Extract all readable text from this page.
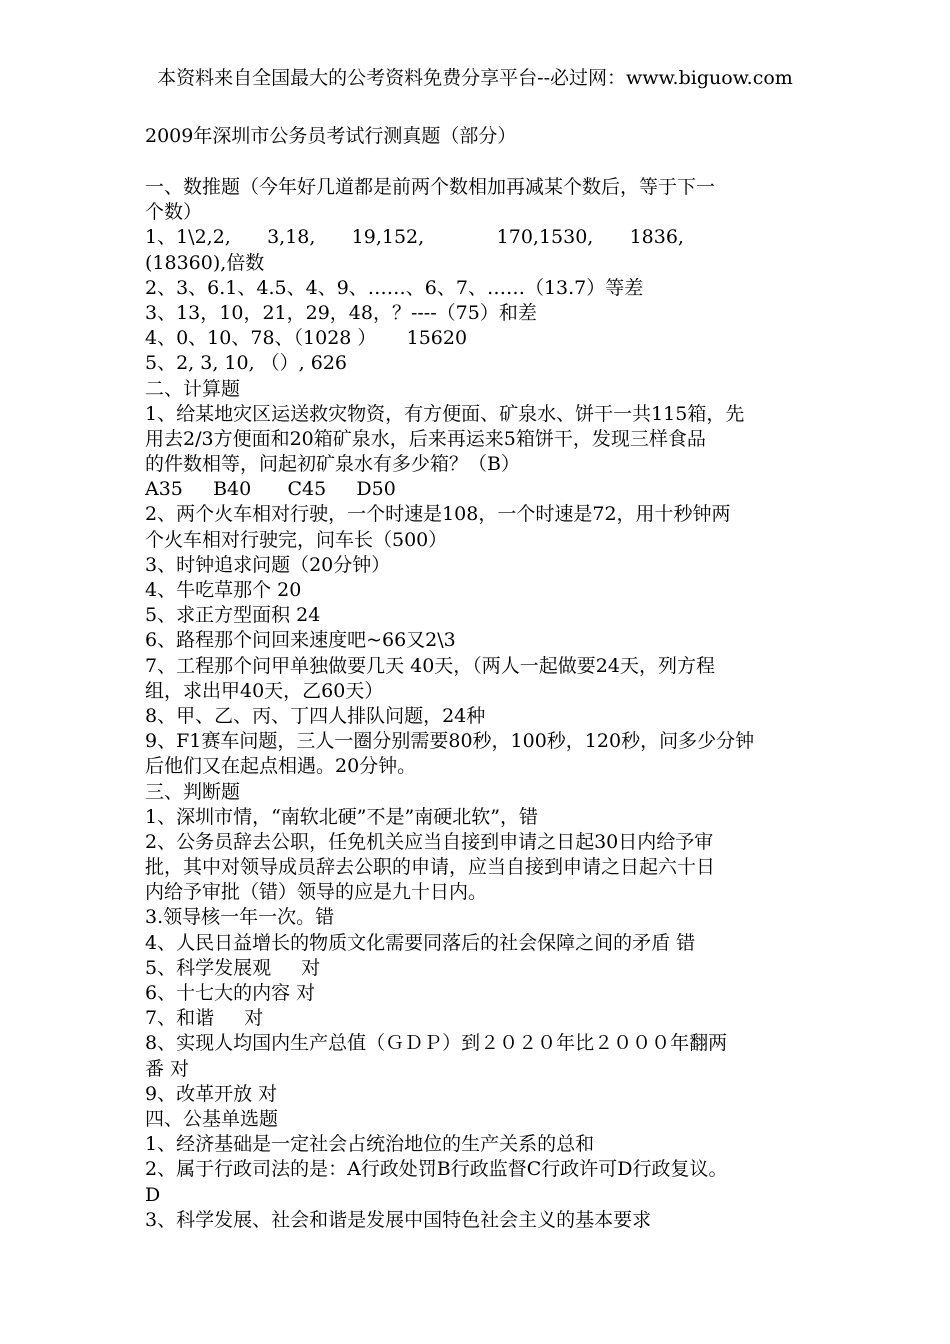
本资料来自全国最大的公考资料免费分享平台--必过网：www.biguow.com
2009年深圳市公务员考试行测真题（部分）
一、数推题（今年好几道都是前两个数相加再减某个数后，等于下一
个数）
1、1\2,2,      3,18,      19,152,            170,1530,      1836,
(18360),倍数
2、3、6.1、4.5、4、9、……、6、7、……（13.7）等差
3、13，10，21，29，48，？----（75）和差
4、0、10、78、（1028 ）     15620
5、2, 3, 10, （）, 626
二、计算题
1、给某地灾区运送救灾物资，有方便面、矿泉水、饼干一共115箱，先
用去2/3方便面和20箱矿泉水，后来再运来5箱饼干，发现三样食品
的件数相等，问起初矿泉水有多少箱？（B）
A35     B40      C45     D50
2、两个火车相对行驶，一个时速是108，一个时速是72，用十秒钟两
个火车相对行驶完，问车长（500）
3、时钟追求问题（20分钟）
4、牛吃草那个 20
5、求正方型面积 24
6、路程那个问回来速度吧~66又2\3
7、工程那个问甲单独做要几天 40天，（两人一起做要24天，列方程
组，求出甲40天，乙60天）
8、甲、乙、丙、丁四人排队问题，24种
9、F1赛车问题，三人一圈分别需要80秒，100秒，120秒，问多少分钟
后他们又在起点相遇。20分钟。
三、判断题
1、深圳市情，“南软北硬”不是”南硬北软”，错
2、公务员辞去公职，任免机关应当自接到申请之日起30日内给予审
批，其中对领导成员辞去公职的申请，应当自接到申请之日起六十日
内给予审批（错）领导的应是九十日内。
3.领导核一年一次。错
4、人民日益增长的物质文化需要同落后的社会保障之间的矛盾 错
5、科学发展观     对
6、十七大的内容 对
7、和谐     对
8、实现人均国内生产总值（ＧＤＰ）到２０２０年比２０００年翻两
番 对
9、改革开放 对
四、公基单选题
1、经济基础是一定社会占统治地位的生产关系的总和
2、属于行政司法的是：A行政处罚B行政监督C行政许可D行政复议。
D
3、科学发展、社会和谐是发展中国特色社会主义的基本要求
